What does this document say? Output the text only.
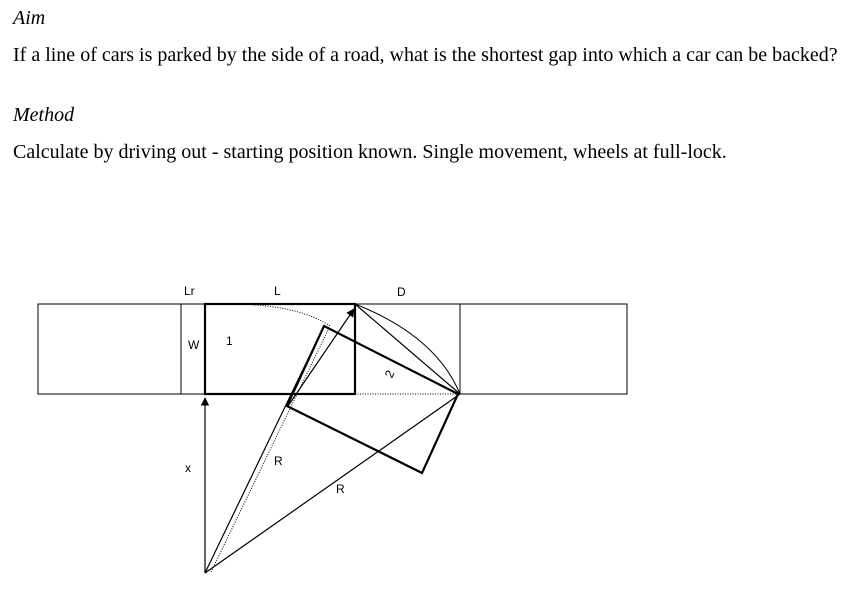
Aim
If a line of cars is parked by the side of a road, what is the shortest gap into which a car can be backed?
Method
Calculate by driving out - starting position known. Single movement, wheels at full-lock.
Lr	L	D
W 1
2
x	R
R
